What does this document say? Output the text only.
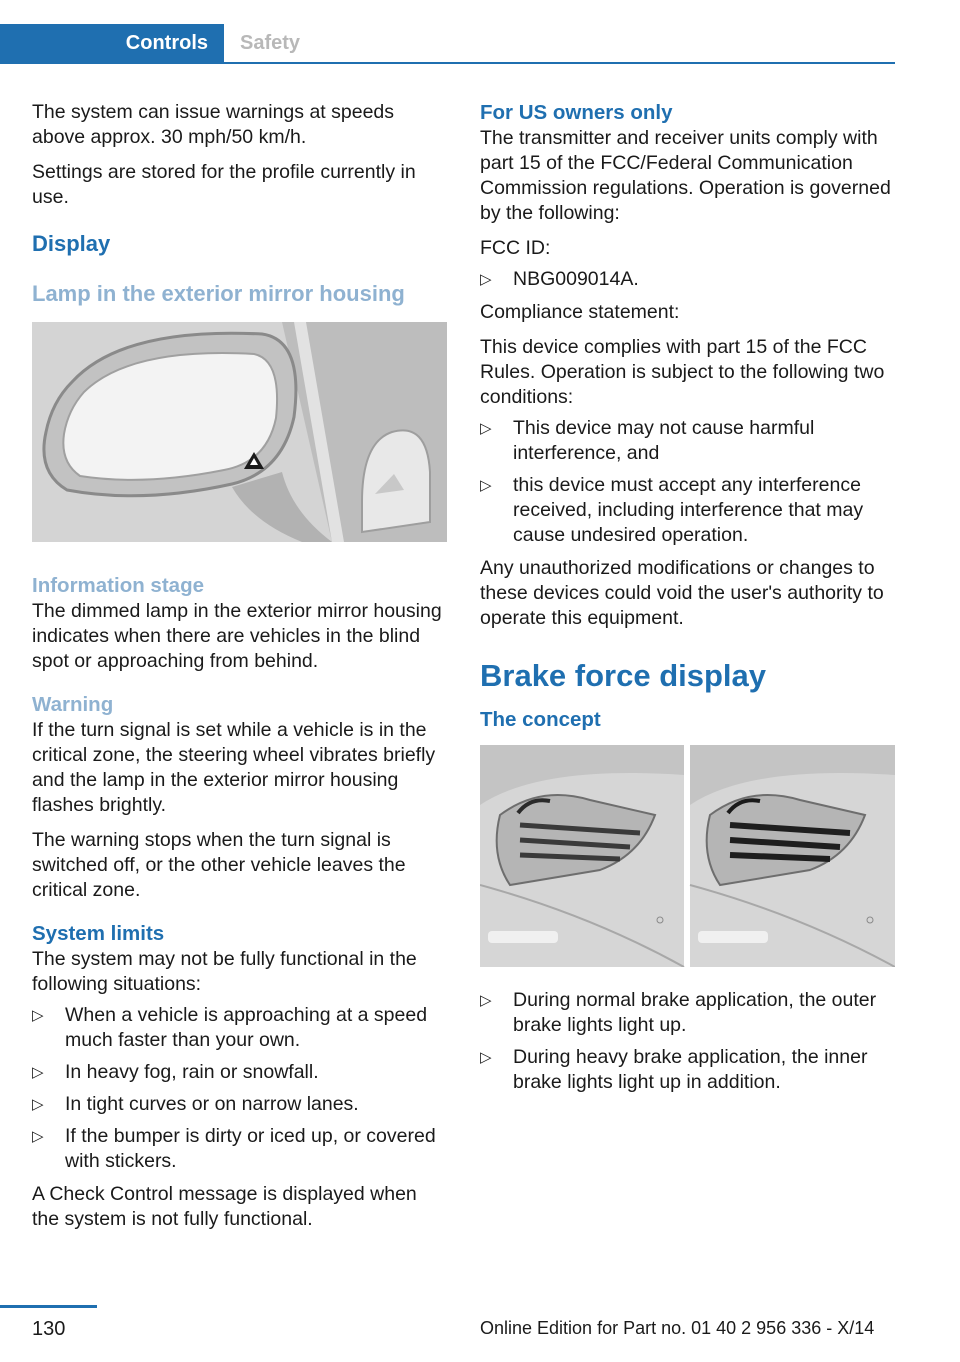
Controls	Safety

The system can issue warnings at speeds above approx. 30 mph/50 km/h.

Settings are stored for the profile currently in use.

Display
Lamp in the exterior mirror housing
Information stage

The dimmed lamp in the exterior mirror housing indicates when there are vehicles in the blind spot or approaching from behind.

Warning

If the turn signal is set while a vehicle is in the critical zone, the steering wheel vibrates briefly and the lamp in the exterior mirror housing flashes brightly.

The warning stops when the turn signal is switched off, or the other vehicle leaves the critical zone.

System limits

The system may not be fully functional in the following situations:

▷ When a vehicle is approaching at a speed much faster than your own.
▷ In heavy fog, rain or snowfall.
▷ In tight curves or on narrow lanes.
▷ If the bumper is dirty or iced up, or covered with stickers.

A Check Control message is displayed when the system is not fully functional.

For US owners only

The transmitter and receiver units comply with part 15 of the FCC/Federal Communication Commission regulations. Operation is governed by the following:

FCC ID:

▷ NBG009014A.

Compliance statement:

This device complies with part 15 of the FCC Rules. Operation is subject to the following two conditions:

▷ This device may not cause harmful interference, and
▷ this device must accept any interference received, including interference that may cause undesired operation.

Any unauthorized modifications or changes to these devices could void the user's authority to operate this equipment.

Brake force display
The concept
▷ During normal brake application, the outer brake lights light up.
▷ During heavy brake application, the inner brake lights light up in addition.
130	Online Edition for Part no. 01 40 2 956 336 - X/14
